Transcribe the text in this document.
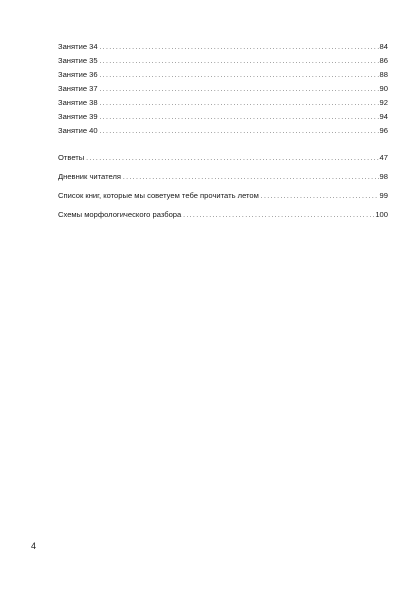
Занятие 34 .....	84
Занятие 35 .....	86
Занятие 36 .....	88
Занятие 37 .....	90
Занятие 38 .....	92
Занятие 39 .....	94
Занятие 40 .....	96
Ответы .....	47
Дневник читателя .....	98
Список книг, которые мы советуем тебе прочитать летом .....	99
Схемы морфологического разбора .....	100
4
